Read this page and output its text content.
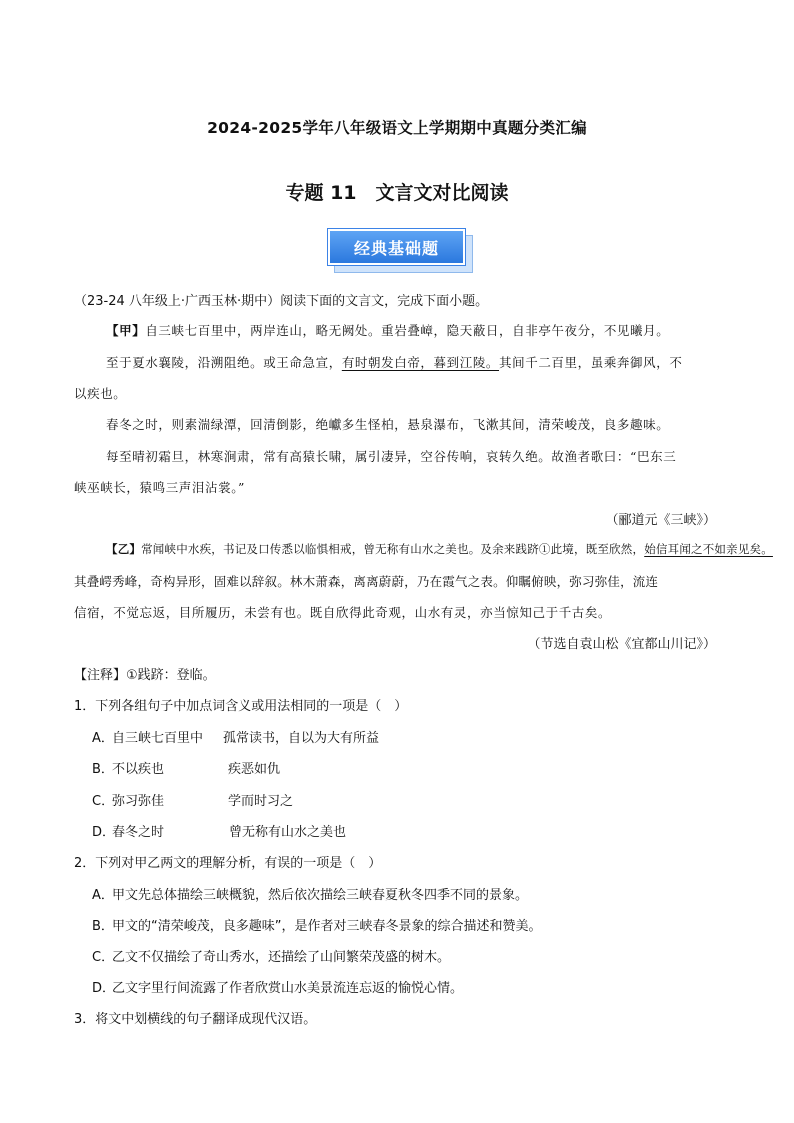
2024-2025学年八年级语文上学期期中真题分类汇编
专题 11　文言文对比阅读
经典基础题
（23-24 八年级上·广西玉林·期中）阅读下面的文言文，完成下面小题。
【甲】自三峡七百里中，两岸连山，略无阙处。重岩叠嶂，隐天蔽日，自非亭午夜分，不见曦月。
至于夏水襄陵，沿溯阻绝。或王命急宣，有时朝发白帝，暮到江陵。其间千二百里，虽乘奔御风，不
以疾也。
春冬之时，则素湍绿潭，回清倒影，绝巘多生怪柏，悬泉瀑布，飞漱其间，清荣峻茂，良多趣味。
每至晴初霜旦，林寒涧肃，常有高猿长啸，属引凄异，空谷传响，哀转久绝。故渔者歌曰：“巴东三
峡巫峡长，猿鸣三声泪沾裳。”
（郦道元《三峡》）
【乙】常闻峡中水疾，书记及口传悉以临惧相戒，曾无称有山水之美也。及余来践跻①此境，既至欣然，始信耳闻之不如亲见矣。
其叠崿秀峰，奇构异形，固难以辞叙。林木萧森，离离蔚蔚，乃在霞气之表。仰瞩俯映，弥习弥佳，流连
信宿，不觉忘返，目所履历，未尝有也。既自欣得此奇观，山水有灵，亦当惊知己于千古矣。
（节选自袁山松《宜都山川记》）
【注释】①践跻：登临。
1．下列各组句子中加点词含义或用法相同的一项是（　）
A．自三峡七百里中 孤常读书，自以为大有所益
B．不以疾也	疾恶如仇
C．弥习弥佳	学而时习之
D．春冬之时	曾无称有山水之美也
2．下列对甲乙两文的理解分析，有误的一项是（　）
A．甲文先总体描绘三峡概貌，然后依次描绘三峡春夏秋冬四季不同的景象。
B．甲文的“清荣峻茂，良多趣味”，是作者对三峡春冬景象的综合描述和赞美。
C．乙文不仅描绘了奇山秀水，还描绘了山间繁荣茂盛的树木。
D．乙文字里行间流露了作者欣赏山水美景流连忘返的愉悦心情。
3．将文中划横线的句子翻译成现代汉语。
